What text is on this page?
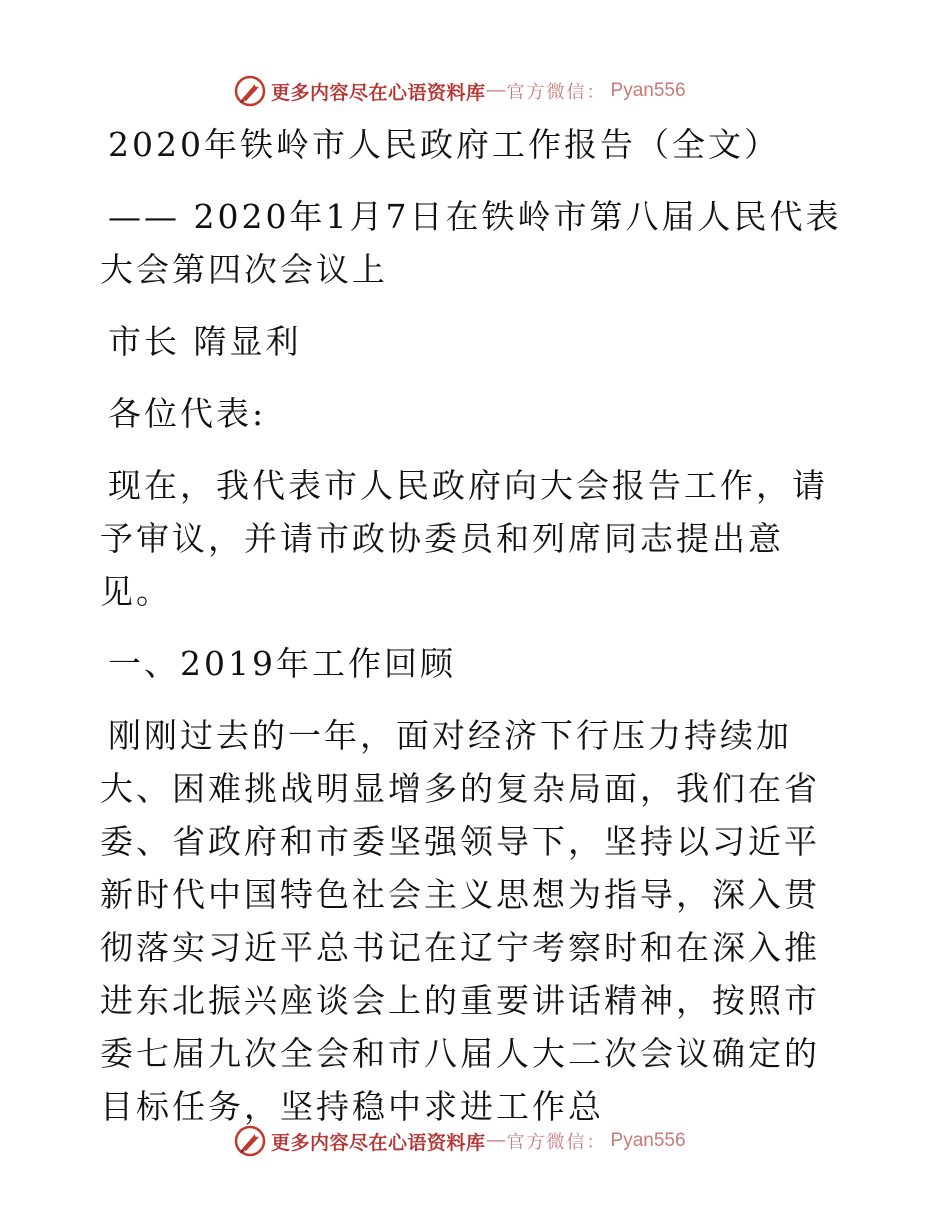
更多内容尽在心语资料库 — 官方微信： Pyan556

2020年铁岭市人民政府工作报告（全文）

—— 2020年1月7日在铁岭市第八届人民代表大会第四次会议上

市长 隋显利

各位代表:

现在，我代表市人民政府向大会报告工作，请予审议，并请市政协委员和列席同志提出意见。

一、2019年工作回顾

刚刚过去的一年，面对经济下行压力持续加大、困难挑战明显增多的复杂局面，我们在省委、省政府和市委坚强领导下，坚持以习近平新时代中国特色社会主义思想为指导，深入贯彻落实习近平总书记在辽宁考察时和在深入推进东北振兴座谈会上的重要讲话精神，按照市委七届九次全会和市八届人大二次会议确定的目标任务，坚持稳中求进工作总

更多内容尽在心语资料库 — 官方微信： Pyan556
